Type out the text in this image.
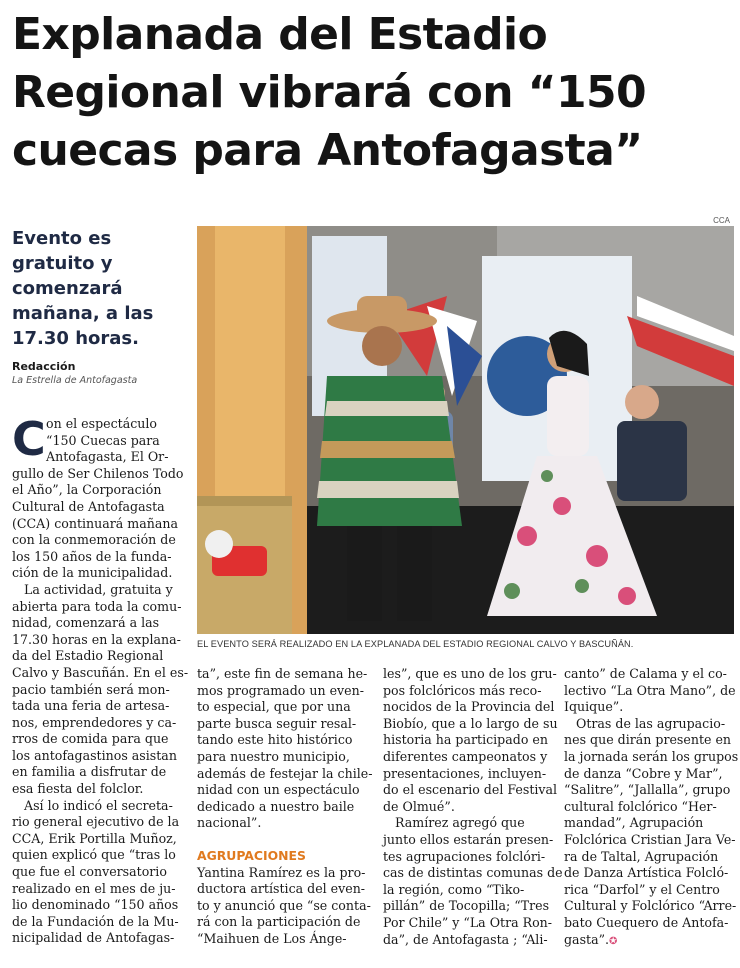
Explanada del Estadio
Regional vibrará con “150
cuecas para Antofagasta”
CCA
Evento es
gratuito y
comenzará
mañana, a las
17.30 horas.
Redacción
La Estrella de Antofagasta
EL EVENTO SERÁ REALIZADO EN LA EXPLANADA DEL ESTADIO REGIONAL CALVO Y BASCUÑÁN.
C on el espectáculo
“150 Cuecas para
Antofagasta, El Or-
gullo de Ser Chilenos Todo
el Año”, la Corporación
Cultural de Antofagasta
(CCA) continuará mañana
con la conmemoración de
los 150 años de la funda-
ción de la municipalidad.
La actividad, gratuita y
abierta para toda la comu-
nidad, comenzará a las
17.30 horas en la explana-
da del Estadio Regional
Calvo y Bascuñán. En el es-
pacio también será mon-
tada una feria de artesa-
nos, emprendedores y ca-
rros de comida para que
los antofagastinos asistan
en familia a disfrutar de
esa fiesta del folclor.
Así lo indicó el secreta-
rio general ejecutivo de la
CCA, Erik Portilla Muñoz,
quien explicó que “tras lo
que fue el conversatorio
realizado en el mes de ju-
lio denominado “150 años
de la Fundación de la Mu-
nicipalidad de Antofagas-
ta”, este fin de semana he-
mos programado un even-
to especial, que por una
parte busca seguir resal-
tando este hito histórico
para nuestro municipio,
además de festejar la chile-
nidad con un espectáculo
dedicado a nuestro baile
nacional”.
AGRUPACIONES
Yantina Ramírez es la pro-
ductora artística del even-
to y anunció que “se conta-
rá con la participación de
“Maihuen de Los Ánge-
les”, que es uno de los gru-
pos folclóricos más reco-
nocidos de la Provincia del
Biobío, que a lo largo de su
historia ha participado en
diferentes campeonatos y
presentaciones, incluyen-
do el escenario del Festival
de Olmué”.
Ramírez agregó que
junto ellos estarán presen-
tes agrupaciones folclóri-
cas de distintas comunas de
la región, como “Tiko-
pillán” de Tocopilla; “Tres
Por Chile” y “La Otra Ron-
da”, de Antofagasta ; “Ali-
canto” de Calama y el co-
lectivo “La Otra Mano”, de
Iquique”.
Otras de las agrupacio-
nes que dirán presente en
la jornada serán los grupos
de danza “Cobre y Mar”,
“Salitre”, “Jallalla”, grupo
cultural folclórico “Her-
mandad”, Agrupación
Folclórica Cristian Jara Ve-
ra de Taltal, Agrupación
de Danza Artística Folcló-
rica “Darfol” y el Centro
Cultural y Folclórico “Arre-
bato Cuequero de Antofa-
gasta”.✪
